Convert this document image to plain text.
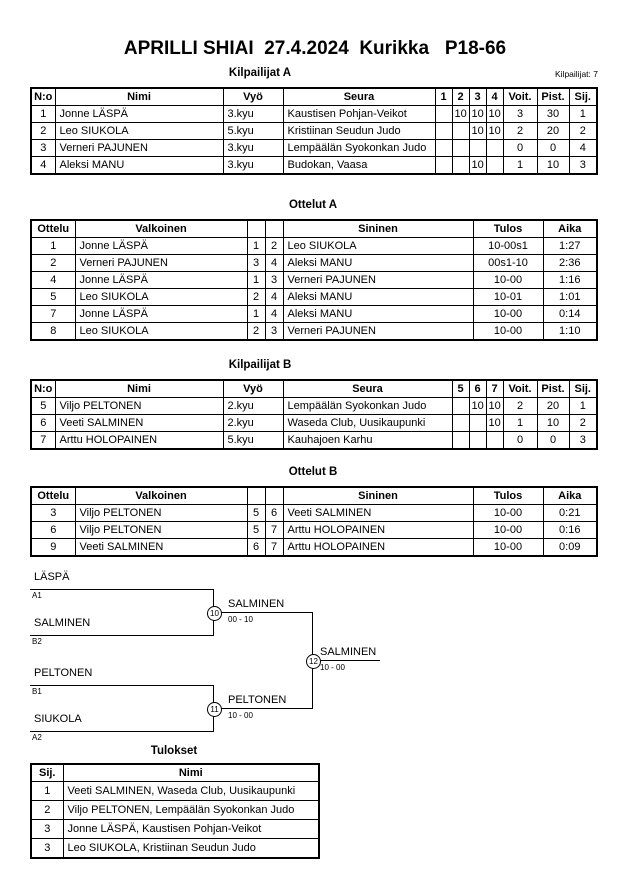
APRILLI SHIAI  27.4.2024  Kurikka   P18-66
Kilpailijat: 7
Kilpailijat A
N:o	Nimi	Vyö	Seura	1	2	3	4	Voit.	Pist.	Sij.
1	Jonne LÄSPÄ	3.kyu	Kaustisen Pohjan-Veikot		10	10	10	3	30	1
2	Leo SIUKOLA	5.kyu	Kristiinan Seudun Judo			10	10	2	20	2
3	Verneri PAJUNEN	3.kyu	Lempäälän Syokonkan Judo					0	0	4
4	Aleksi MANU	3.kyu	Budokan, Vaasa			10		1	10	3
Ottelut A
Ottelu	Valkoinen			Sininen	Tulos	Aika
1	Jonne LÄSPÄ	1	2	Leo SIUKOLA	10-00s1	1:27
2	Verneri PAJUNEN	3	4	Aleksi MANU	00s1-10	2:36
4	Jonne LÄSPÄ	1	3	Verneri PAJUNEN	10-00	1:16
5	Leo SIUKOLA	2	4	Aleksi MANU	10-01	1:01
7	Jonne LÄSPÄ	1	4	Aleksi MANU	10-00	0:14
8	Leo SIUKOLA	2	3	Verneri PAJUNEN	10-00	1:10
Kilpailijat B
N:o	Nimi	Vyö	Seura	5	6	7	Voit.	Pist.	Sij.
5	Viljo PELTONEN	2.kyu	Lempäälän Syokonkan Judo		10	10	2	20	1
6	Veeti SALMINEN	2.kyu	Waseda Club, Uusikaupunki			10	1	10	2
7	Arttu HOLOPAINEN	5.kyu	Kauhajoen Karhu				0	0	3
Ottelut B
Ottelu	Valkoinen			Sininen	Tulos	Aika
3	Viljo PELTONEN	5	6	Veeti SALMINEN	10-00	0:21
6	Viljo PELTONEN	5	7	Arttu HOLOPAINEN	10-00	0:16
9	Veeti SALMINEN	6	7	Arttu HOLOPAINEN	10-00	0:09
LÄSPÄ
A1
SALMINEN
B2
10
SALMINEN
00 - 10
PELTONEN
B1
SIUKOLA
A2
11
PELTONEN
10 - 00
12
SALMINEN
10 - 00
Tulokset
Sij.	Nimi
1	Veeti SALMINEN, Waseda Club, Uusikaupunki
2	Viljo PELTONEN, Lempäälän Syokonkan Judo
3	Jonne LÄSPÄ, Kaustisen Pohjan-Veikot
3	Leo SIUKOLA, Kristiinan Seudun Judo
